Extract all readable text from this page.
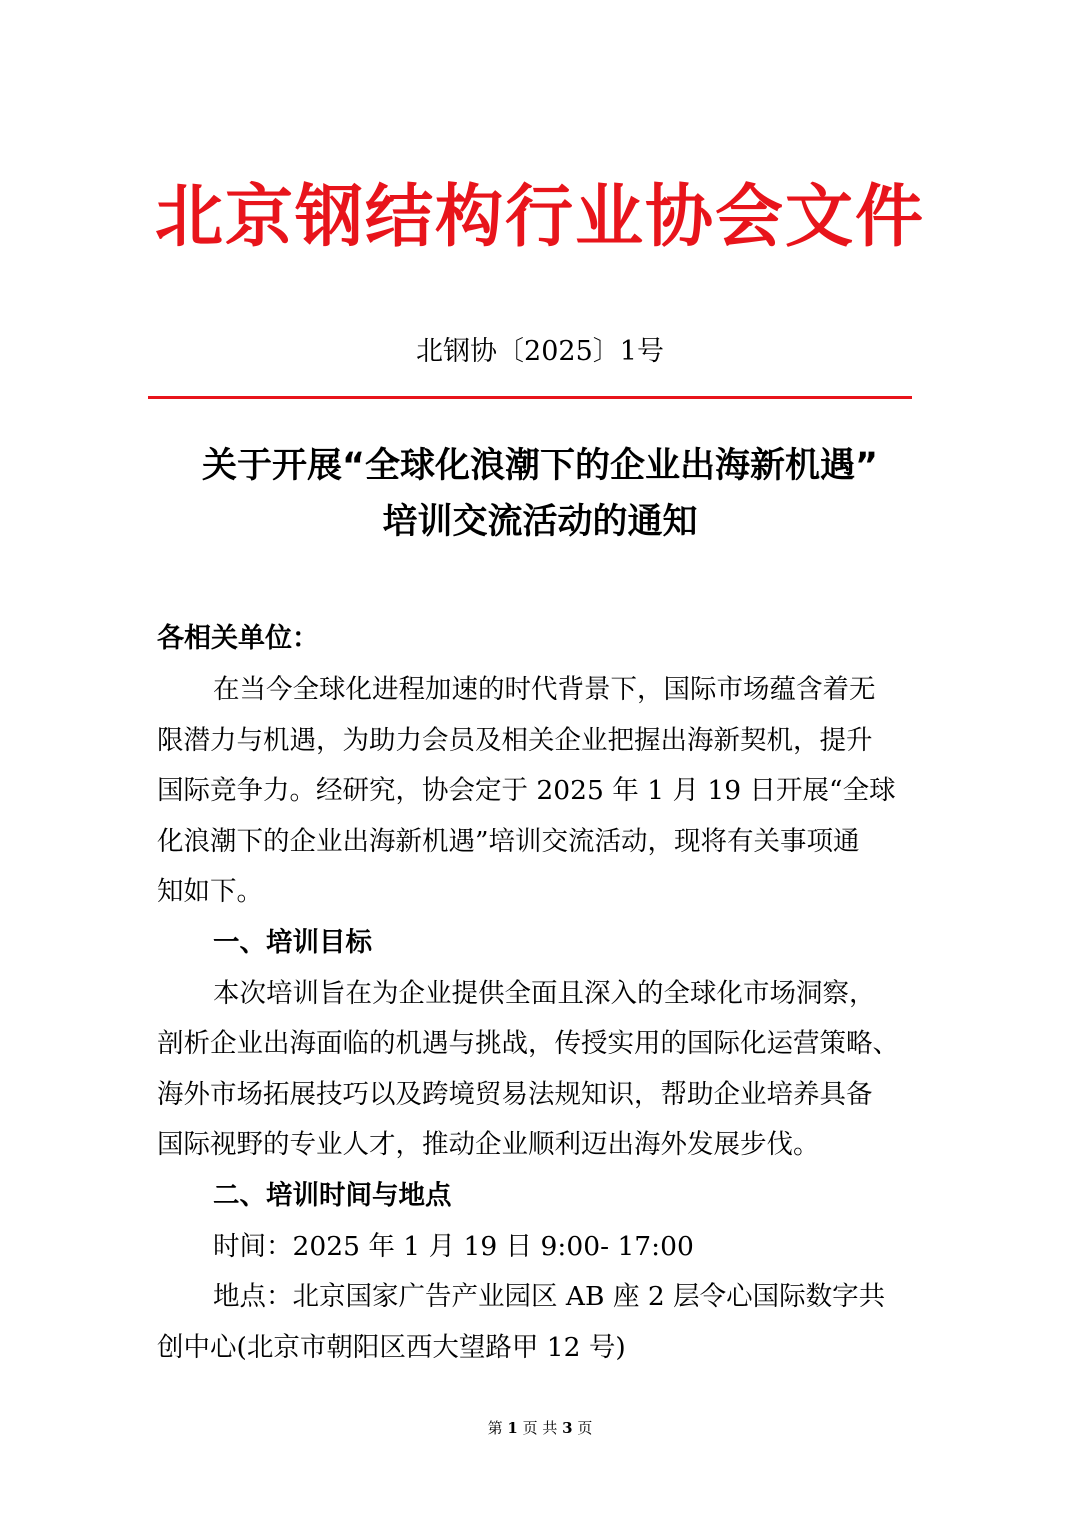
北京钢结构行业协会文件
北钢协〔2025〕1号
关于开展“全球化浪潮下的企业出海新机遇”
培训交流活动的通知
各相关单位：
在当今全球化进程加速的时代背景下，国际市场蕴含着无
限潜力与机遇，为助力会员及相关企业把握出海新契机，提升
国际竞争力。经研究，协会定于 2025 年 1 月 19 日开展“全球
化浪潮下的企业出海新机遇”培训交流活动，现将有关事项通
知如下。
一、培训目标
本次培训旨在为企业提供全面且深入的全球化市场洞察，
剖析企业出海面临的机遇与挑战，传授实用的国际化运营策略、
海外市场拓展技巧以及跨境贸易法规知识，帮助企业培养具备
国际视野的专业人才，推动企业顺利迈出海外发展步伐。
二、培训时间与地点
时间：2025 年 1 月 19 日 9:00- 17:00
地点：北京国家广告产业园区 AB 座 2 层令心国际数字共
创中心(北京市朝阳区西大望路甲 12 号)
第 1 页 共 3 页
